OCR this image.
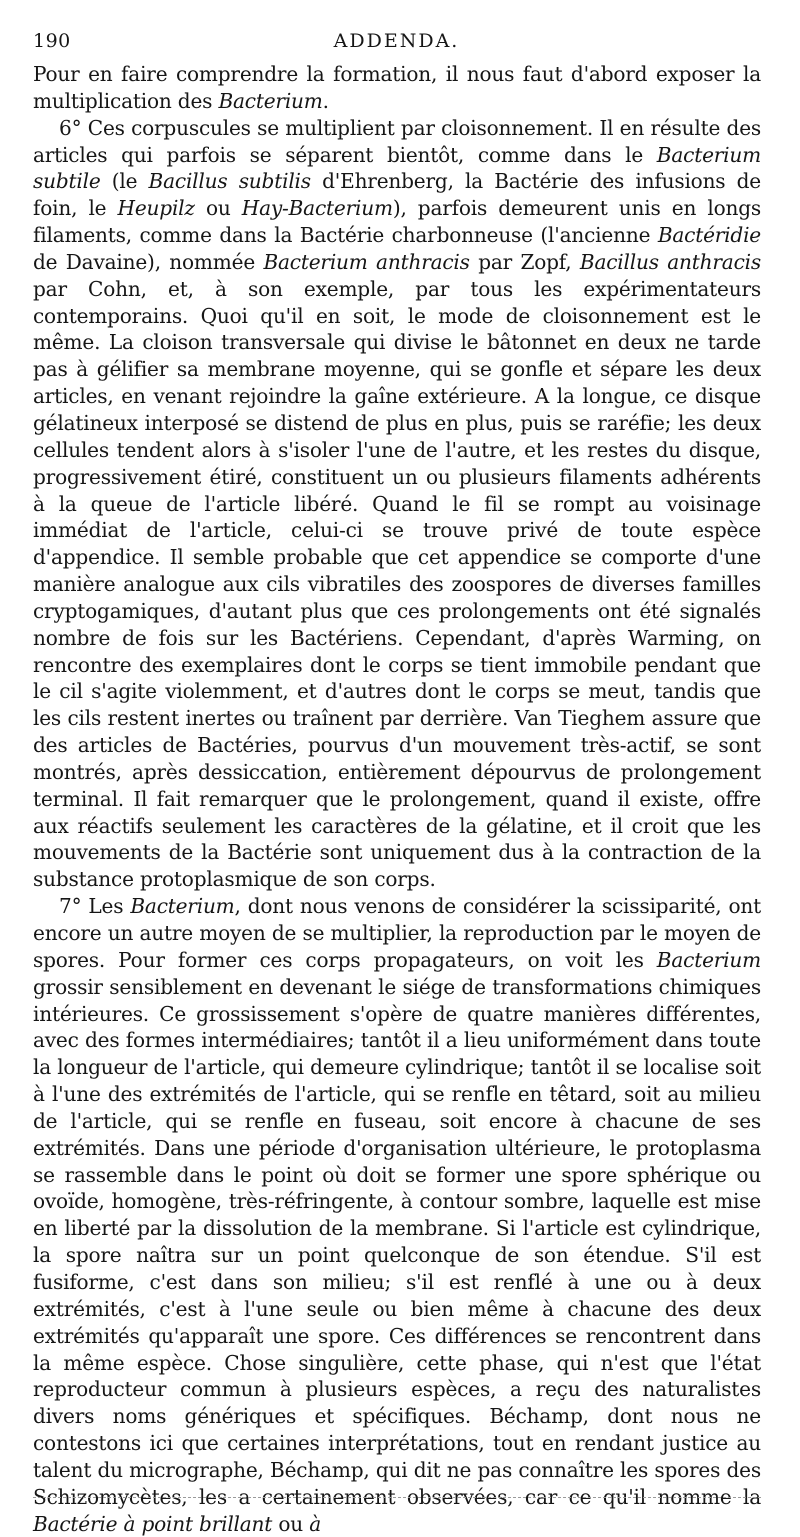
190	ADDENDA.

Pour en faire comprendre la formation, il nous faut d'abord exposer la multiplication des Bacterium.

6° Ces corpuscules se multiplient par cloisonnement. Il en résulte des articles qui parfois se séparent bientôt, comme dans le Bacterium subtile (le Bacillus subtilis d'Ehrenberg, la Bactérie des infusions de foin, le Heupilz ou Hay-Bacterium), parfois demeurent unis en longs filaments, comme dans la Bactérie charbonneuse (l'ancienne Bactéridie de Davaine), nommée Bacterium anthracis par Zopf, Bacillus anthracis par Cohn, et, à son exemple, par tous les expérimentateurs contemporains. Quoi qu'il en soit, le mode de cloisonnement est le même. La cloison transversale qui divise le bâtonnet en deux ne tarde pas à gélifier sa membrane moyenne, qui se gonfle et sépare les deux articles, en venant rejoindre la gaîne extérieure. A la longue, ce disque gélatineux interposé se distend de plus en plus, puis se raréfie; les deux cellules tendent alors à s'isoler l'une de l'autre, et les restes du disque, progressivement étiré, constituent un ou plusieurs filaments adhérents à la queue de l'article libéré. Quand le fil se rompt au voisinage immédiat de l'article, celui-ci se trouve privé de toute espèce d'appendice. Il semble probable que cet appendice se comporte d'une manière analogue aux cils vibratiles des zoospores de diverses familles cryptogamiques, d'autant plus que ces prolongements ont été signalés nombre de fois sur les Bactériens. Cependant, d'après Warming, on rencontre des exemplaires dont le corps se tient immobile pendant que le cil s'agite violemment, et d'autres dont le corps se meut, tandis que les cils restent inertes ou traînent par derrière. Van Tieghem assure que des articles de Bactéries, pourvus d'un mouvement très-actif, se sont montrés, après dessiccation, entièrement dépourvus de prolongement terminal. Il fait remarquer que le prolongement, quand il existe, offre aux réactifs seulement les caractères de la gélatine, et il croit que les mouvements de la Bactérie sont uniquement dus à la contraction de la substance protoplasmique de son corps.

7° Les Bacterium, dont nous venons de considérer la scissiparité, ont encore un autre moyen de se multiplier, la reproduction par le moyen de spores. Pour former ces corps propagateurs, on voit les Bacterium grossir sensiblement en devenant le siége de transformations chimiques intérieures. Ce grossissement s'opère de quatre manières différentes, avec des formes intermédiaires; tantôt il a lieu uniformément dans toute la longueur de l'article, qui demeure cylindrique; tantôt il se localise soit à l'une des extrémités de l'article, qui se renfle en têtard, soit au milieu de l'article, qui se renfle en fuseau, soit encore à chacune de ses extrémités. Dans une période d'organisation ultérieure, le protoplasma se rassemble dans le point où doit se former une spore sphérique ou ovoïde, homogène, très-réfringente, à contour sombre, laquelle est mise en liberté par la dissolution de la membrane. Si l'article est cylindrique, la spore naîtra sur un point quelconque de son étendue. S'il est fusiforme, c'est dans son milieu; s'il est renflé à une ou à deux extrémités, c'est à l'une seule ou bien même à chacune des deux extrémités qu'apparaît une spore. Ces différences se rencontrent dans la même espèce. Chose singulière, cette phase, qui n'est que l'état reproducteur commun à plusieurs espèces, a reçu des naturalistes divers noms génériques et spécifiques. Béchamp, dont nous ne contestons ici que certaines interprétations, tout en rendant justice au talent du micrographe, Béchamp, qui dit ne pas connaître les spores des Schizomycètes, les a certainement observées, car ce qu'il nomme la Bactérie à point brillant ou à
